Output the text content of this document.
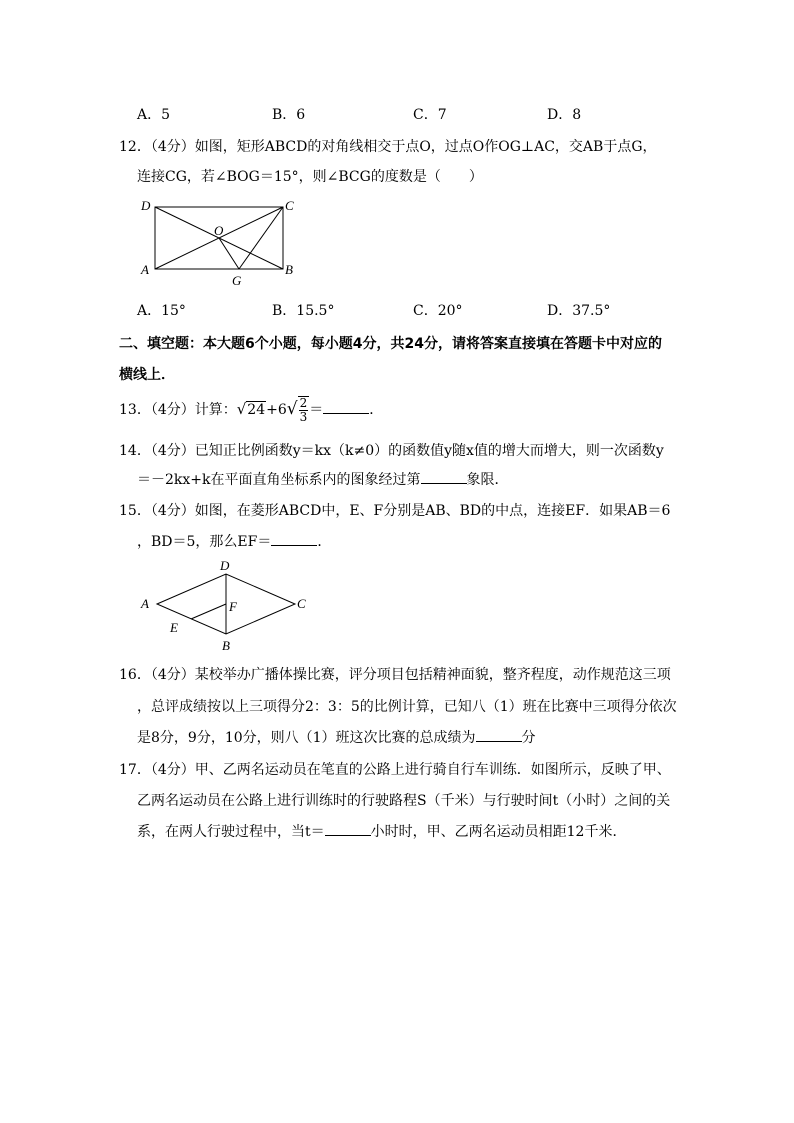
A．5	B．6	C．7	D．8
12．（4分）如图，矩形ABCD的对角线相交于点O，过点O作OG⊥AC，交AB于点G，
连接CG，若∠BOG＝15°，则∠BCG的度数是（　　）
D	C
O
A
G
B
A．15°	B．15.5°	C．20°	D．37.5°
二、填空题：本大题6个小题，每小题4分，共24分，请将答案直接填在答题卡中对应的
横线上．
13．（4分）计算：$√24+6√ \frac{2}{3}$ ＝	．
14．（4分）已知正比例函数y＝kx（k≠0）的函数值y随x值的增大而增大，则一次函数y
＝－2kx+k在平面直角坐标系内的图象经过第	象限．
15．（4分）如图，在菱形ABCD中，E、F分别是AB、BD的中点，连接EF．如果AB＝6
，BD＝5，那么EF＝	．
D
A	F	C
E
B
16．（4分）某校举办广播体操比赛，评分项目包括精神面貌，整齐程度，动作规范这三项
，总评成绩按以上三项得分2：3：5的比例计算，已知八（1）班在比赛中三项得分依次
是8分，9分，10分，则八（1）班这次比赛的总成绩为	分
17．（4分）甲、乙两名运动员在笔直的公路上进行骑自行车训练．如图所示，反映了甲、
乙两名运动员在公路上进行训练时的行驶路程S（千米）与行驶时间t（小时）之间的关
系，在两人行驶过程中，当t＝	小时时，甲、乙两名运动员相距12千米．
